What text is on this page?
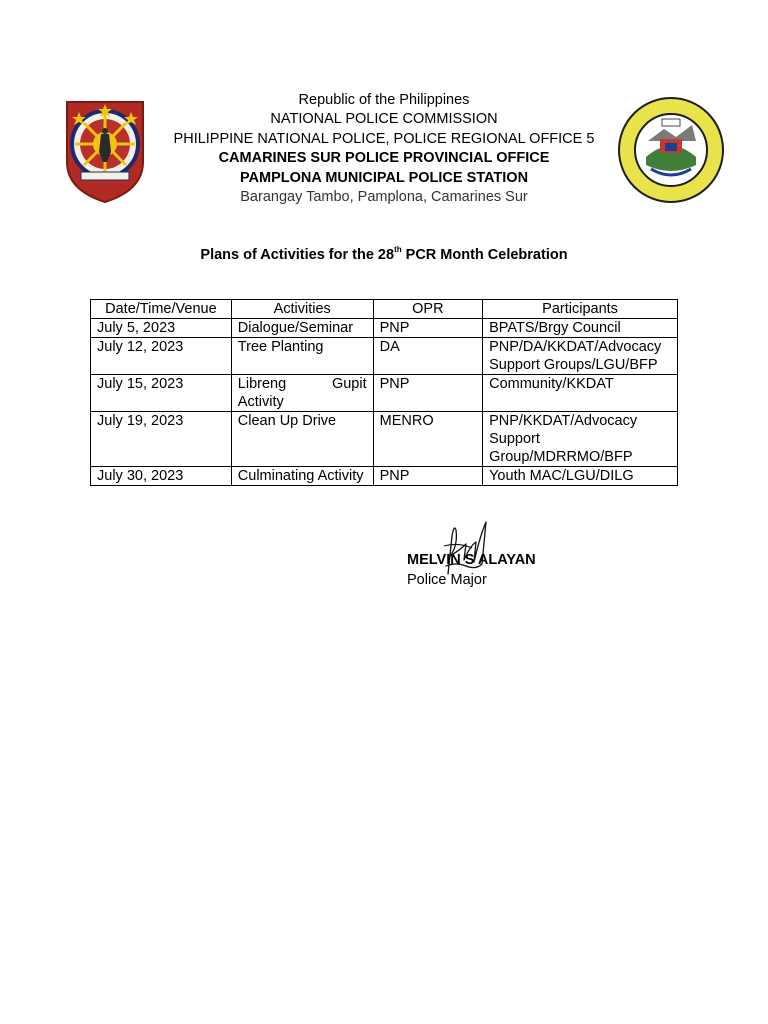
Republic of the Philippines
NATIONAL POLICE COMMISSION
PHILIPPINE NATIONAL POLICE, POLICE REGIONAL OFFICE 5
CAMARINES SUR POLICE PROVINCIAL OFFICE
PAMPLONA MUNICIPAL POLICE STATION
Barangay Tambo, Pamplona, Camarines Sur
Plans of Activities for the 28th PCR Month Celebration
Date/Time/Venue	Activities	OPR	Participants
July 5, 2023	Dialogue/Seminar	PNP	BPATS/Brgy Council
July 12, 2023	Tree Planting	DA	PNP/DA/KKDAT/Advocacy Support Groups/LGU/BFP
July 15, 2023	Libreng Gupit Activity	PNP	Community/KKDAT
July 19, 2023	Clean Up Drive	MENRO	PNP/KKDAT/Advocacy Support Group/MDRRMO/BFP
July 30, 2023	Culminating Activity	PNP	Youth MAC/LGU/DILG
MELVIN S ALAYAN
Police Major
